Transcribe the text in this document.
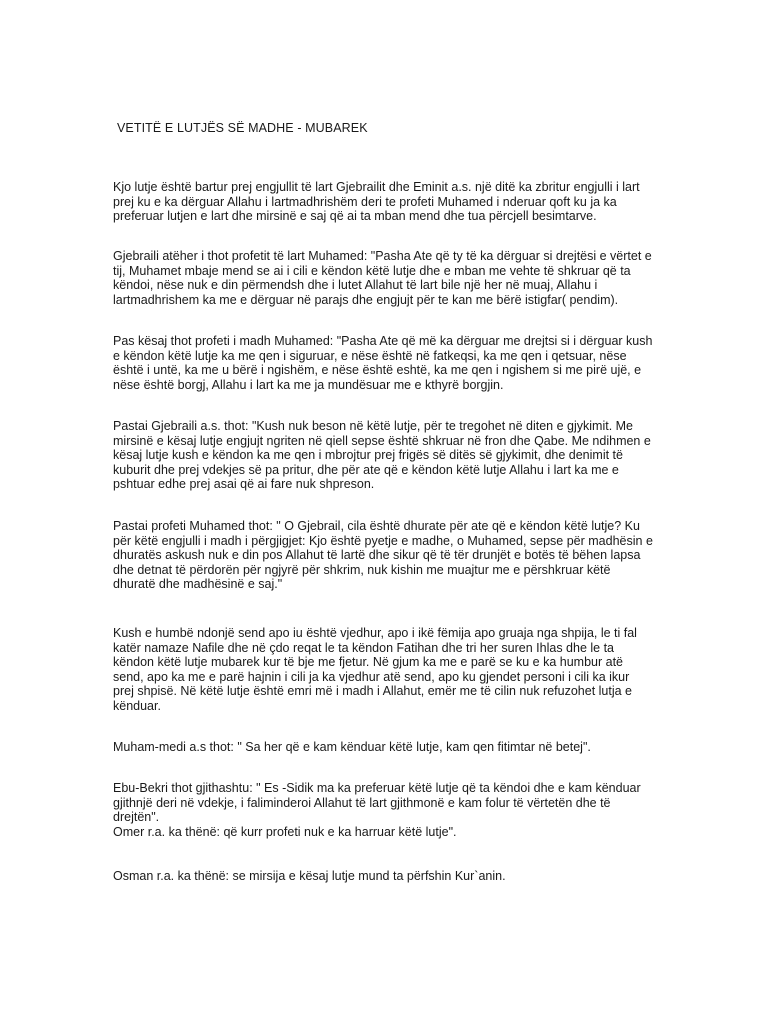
VETITË E LUTJËS SË MADHE - MUBAREK
Kjo lutje është bartur prej engjullit të lart Gjebrailit dhe Eminit a.s. një ditë ka zbritur engjulli i lart
prej ku e ka dërguar Allahu i lartmadhrishëm deri te profeti Muhamed i nderuar qoft ku ja ka
preferuar lutjen e lart dhe mirsinë e saj që ai ta mban mend dhe tua përcjell besimtarve.
Gjebraili atëher i thot profetit të lart Muhamed: "Pasha Ate që ty të ka dërguar si drejtësi e vërtet e
tij, Muhamet mbaje mend se ai i cili e këndon këtë lutje dhe e mban me vehte të shkruar që ta
këndoi, nëse nuk e din përmendsh dhe i lutet Allahut të lart bile një her në muaj, Allahu i
lartmadhrishem ka me e dërguar në parajs dhe engjujt për te kan me bërë istigfar( pendim).
Pas kësaj thot profeti i madh Muhamed: "Pasha Ate që më ka dërguar me drejtsi si i dërguar kush
e këndon këtë lutje ka me qen i siguruar, e nëse është në fatkeqsi, ka me qen i qetsuar, nëse
është i untë, ka me u bërë i ngishëm, e nëse është eshtë, ka me qen i ngishem si me pirë ujë, e
nëse është borgj, Allahu i lart ka me ja mundësuar me e kthyrë borgjin.
Pastai Gjebraili a.s. thot: "Kush nuk beson në këtë lutje, për te tregohet në diten e gjykimit. Me
mirsinë e kësaj lutje engjujt ngriten në qiell sepse është shkruar në fron dhe Qabe. Me ndihmen e
kësaj lutje kush e këndon ka me qen i mbrojtur prej frigës së ditës së gjykimit, dhe denimit të
kuburit dhe prej vdekjes së pa pritur, dhe për ate që e këndon këtë lutje Allahu i lart ka me e
pshtuar edhe prej asai që ai fare nuk shpreson.
Pastai profeti Muhamed thot: " O Gjebrail, cila është dhurate për ate që e këndon këtë lutje? Ku
për këtë engjulli i madh i përgjigjet: Kjo është pyetje e madhe, o Muhamed, sepse për madhësin e
dhuratës askush nuk e din pos Allahut të lartë dhe sikur që të tër drunjët e botës të bëhen lapsa
dhe detnat të përdorën për ngjyrë për shkrim, nuk kishin me muajtur me e përshkruar këtë
dhuratë dhe madhësinë e saj."
Kush e humbë ndonjë send apo iu është vjedhur, apo i ikë fëmija apo gruaja nga shpija, le ti fal
katër namaze Nafile dhe në çdo reqat le ta këndon Fatihan dhe tri her suren Ihlas dhe le ta
këndon këtë lutje mubarek kur të bje me fjetur. Në gjum ka me e parë se ku e ka humbur atë
send, apo ka me e parë hajnin i cili ja ka vjedhur atë send, apo ku gjendet personi i cili ka ikur
prej shpisë. Në këtë lutje është emri më i madh i Allahut, emër me të cilin nuk refuzohet lutja e
kënduar.
Muham-medi a.s thot: " Sa her që e kam kënduar këtë lutje, kam qen fitimtar në betej".
Ebu-Bekri thot gjithashtu: " Es -Sidik ma ka preferuar këtë lutje që ta këndoi dhe e kam kënduar
gjithnjë deri në vdekje, i faliminderoi Allahut të lart gjithmonë e kam folur të vërtetën dhe të
drejtën".
Omer r.a. ka thënë: që kurr profeti nuk e ka harruar këtë lutje".
Osman r.a. ka thënë: se mirsija e kësaj lutje mund ta përfshin Kur`anin.
